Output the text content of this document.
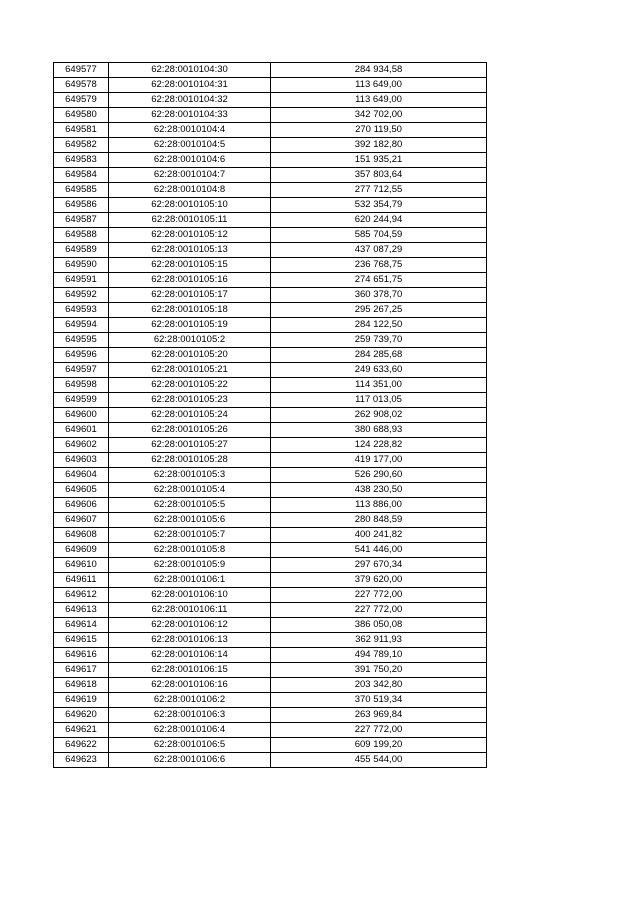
649577	62:28:0010104:30	284 934,58
649578	62:28:0010104:31	113 649,00
649579	62:28:0010104:32	113 649,00
649580	62:28:0010104:33	342 702,00
649581	62:28:0010104:4	270 119,50
649582	62:28:0010104:5	392 182,80
649583	62:28:0010104:6	151 935,21
649584	62:28:0010104:7	357 803,64
649585	62:28:0010104:8	277 712,55
649586	62:28:0010105:10	532 354,79
649587	62:28:0010105:11	620 244,94
649588	62:28:0010105:12	585 704,59
649589	62:28:0010105:13	437 087,29
649590	62:28:0010105:15	236 768,75
649591	62:28:0010105:16	274 651,75
649592	62:28:0010105:17	360 378,70
649593	62:28:0010105:18	295 267,25
649594	62:28:0010105:19	284 122,50
649595	62:28:0010105:2	259 739,70
649596	62:28:0010105:20	284 285,68
649597	62:28:0010105:21	249 633,60
649598	62:28:0010105:22	114 351,00
649599	62:28:0010105:23	117 013,05
649600	62:28:0010105:24	262 908,02
649601	62:28:0010105:26	380 688,93
649602	62:28:0010105:27	124 228,82
649603	62:28:0010105:28	419 177,00
649604	62:28:0010105:3	526 290,60
649605	62:28:0010105:4	438 230,50
649606	62:28:0010105:5	113 886,00
649607	62:28:0010105:6	280 848,59
649608	62:28:0010105:7	400 241,82
649609	62:28:0010105:8	541 446,00
649610	62:28:0010105:9	297 670,34
649611	62:28:0010106:1	379 620,00
649612	62:28:0010106:10	227 772,00
649613	62:28:0010106:11	227 772,00
649614	62:28:0010106:12	386 050,08
649615	62:28:0010106:13	362 911,93
649616	62:28:0010106:14	494 789,10
649617	62:28:0010106:15	391 750,20
649618	62:28:0010106:16	203 342,80
649619	62:28:0010106:2	370 519,34
649620	62:28:0010106:3	263 969,84
649621	62:28:0010106:4	227 772,00
649622	62:28:0010106:5	609 199,20
649623	62:28:0010106:6	455 544,00
